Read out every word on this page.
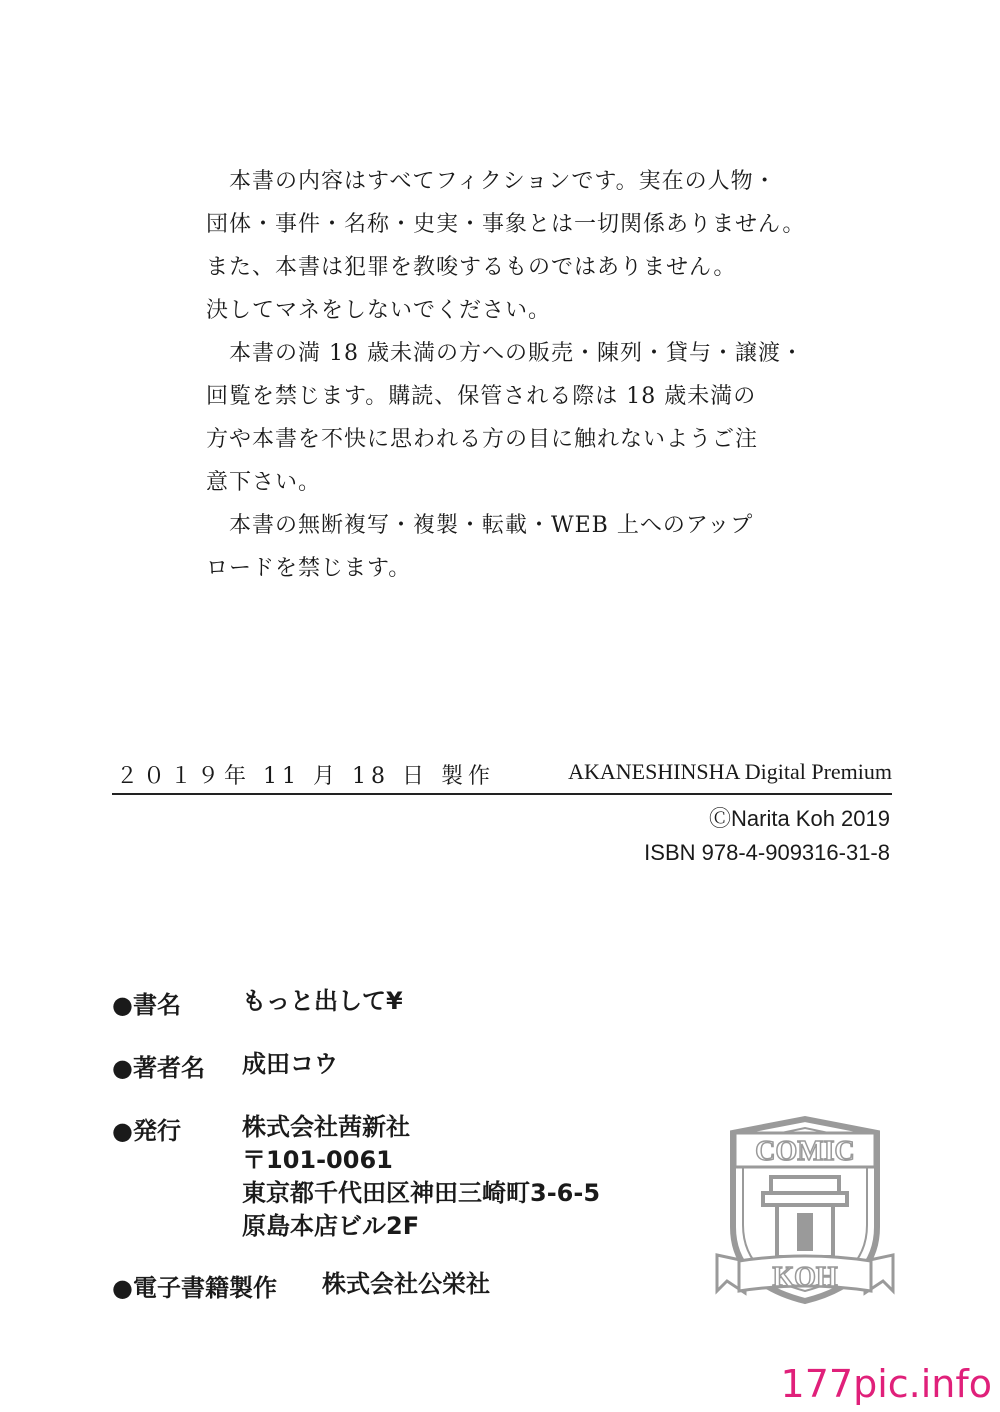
　本書の内容はすべてフィクションです。実在の人物・
団体・事件・名称・史実・事象とは一切関係ありません。
また、本書は犯罪を教唆するものではありません。
決してマネをしないでください。
　本書の満 18 歳未満の方への販売・陳列・貸与・譲渡・
回覧を禁じます。購読、保管される際は 18 歳未満の
方や本書を不快に思われる方の目に触れないようご注
意下さい。
　本書の無断複写・複製・転載・WEB 上へのアップ
ロードを禁じます。
２０１９年 11 月 18 日 製作	AKANESHINSHA Digital Premium
ⒸNarita Koh 2019
ISBN 978-4-909316-31-8
●書名	もっと出して¥
●著者名 成田コウ
●発行	株式会社茜新社
〒101-0061
東京都千代田区神田三崎町3-6-5
原島本店ビル2F
●電子書籍製作 株式会社公栄社
COMIC
KOH
177pic.info
